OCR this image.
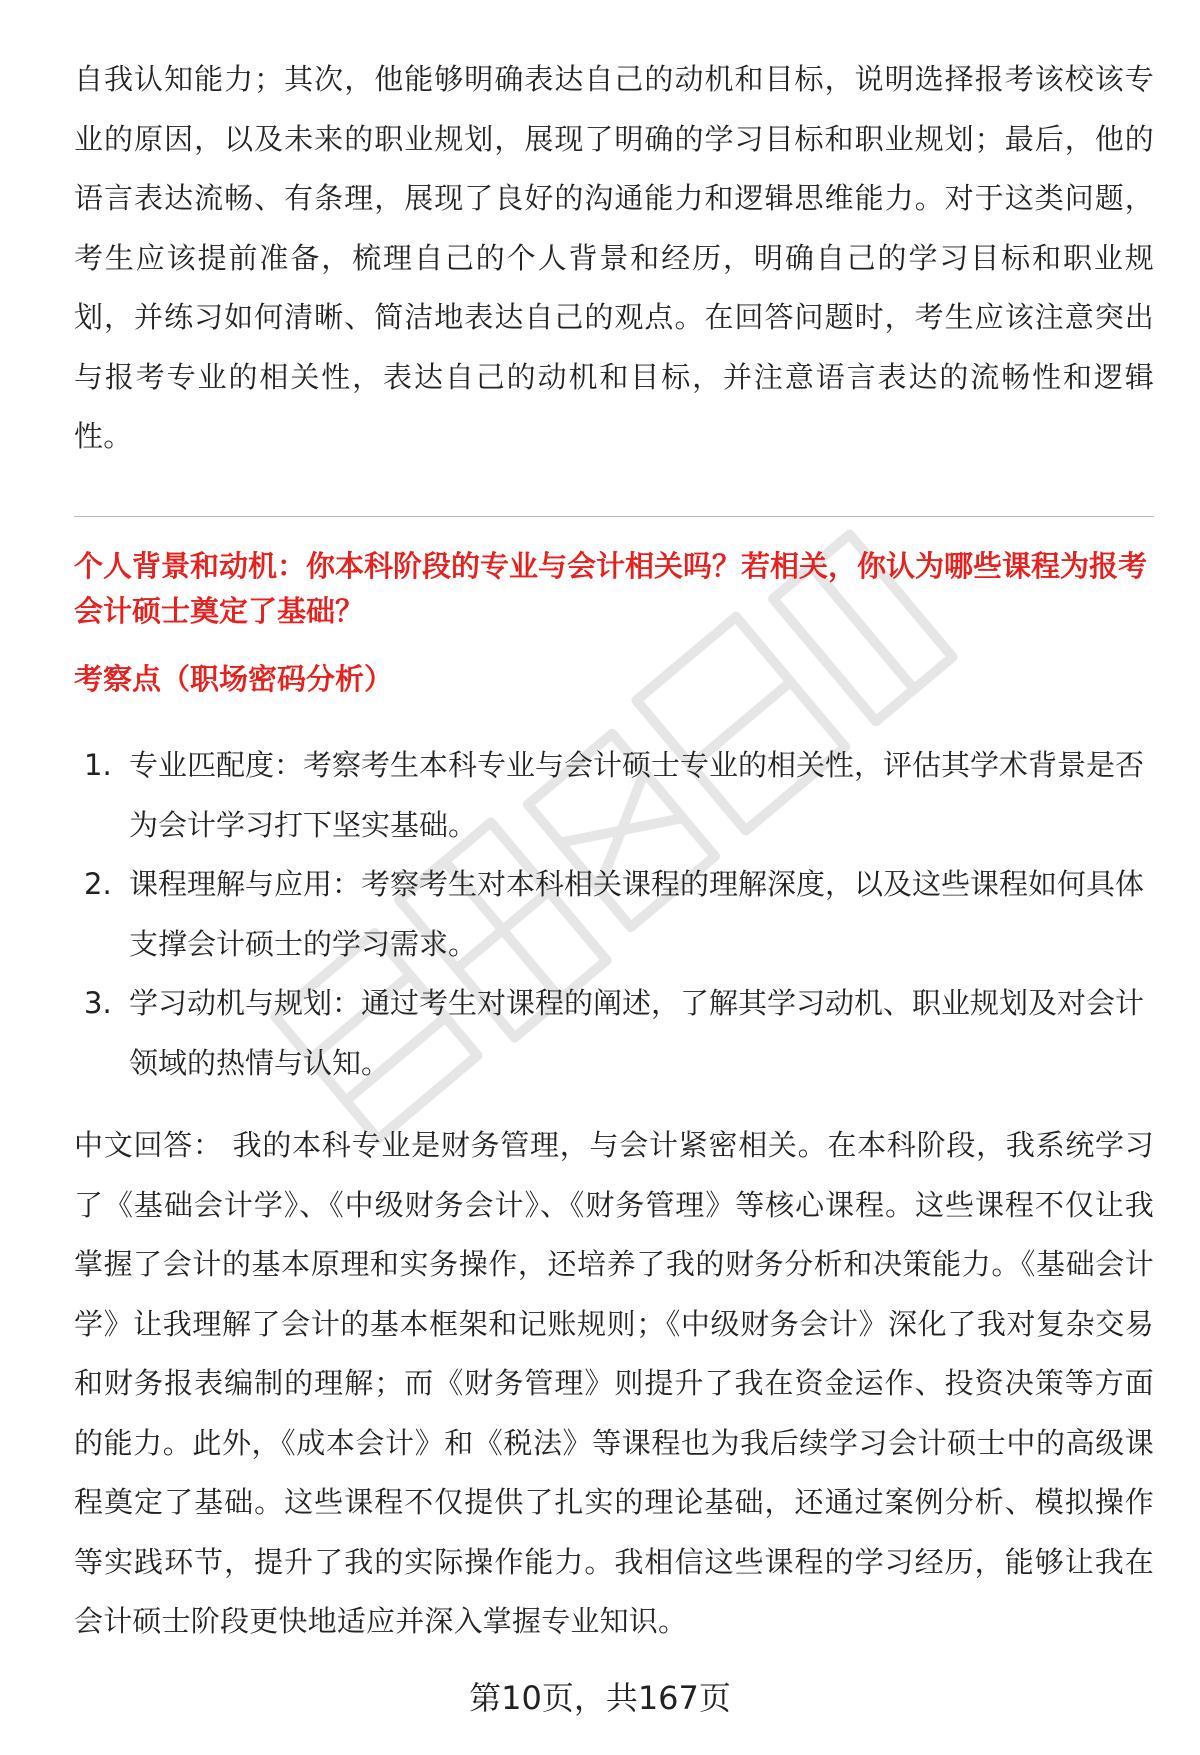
自我认知能力；其次，他能够明确表达自己的动机和目标，说明选择报考该校该专业的原因，以及未来的职业规划，展现了明确的学习目标和职业规划；最后，他的语言表达流畅、有条理，展现了良好的沟通能力和逻辑思维能力。对于这类问题，考生应该提前准备，梳理自己的个人背景和经历，明确自己的学习目标和职业规划，并练习如何清晰、简洁地表达自己的观点。在回答问题时，考生应该注意突出与报考专业的相关性，表达自己的动机和目标，并注意语言表达的流畅性和逻辑性。

个人背景和动机：你本科阶段的专业与会计相关吗？若相关，你认为哪些课程为报考会计硕士奠定了基础？

考察点（职场密码分析）

1. 专业匹配度：考察考生本科专业与会计硕士专业的相关性，评估其学术背景是否为会计学习打下坚实基础。
2. 课程理解与应用：考察考生对本科相关课程的理解深度，以及这些课程如何具体支撑会计硕士的学习需求。
3. 学习动机与规划：通过考生对课程的阐述，了解其学习动机、职业规划及对会计领域的热情与认知。

中文回答： 我的本科专业是财务管理，与会计紧密相关。在本科阶段，我系统学习了《基础会计学》、《中级财务会计》、《财务管理》等核心课程。这些课程不仅让我掌握了会计的基本原理和实务操作，还培养了我的财务分析和决策能力。《基础会计学》让我理解了会计的基本框架和记账规则；《中级财务会计》深化了我对复杂交易和财务报表编制的理解；而《财务管理》则提升了我在资金运作、投资决策等方面的能力。此外，《成本会计》和《税法》等课程也为我后续学习会计硕士中的高级课程奠定了基础。这些课程不仅提供了扎实的理论基础，还通过案例分析、模拟操作等实践环节，提升了我的实际操作能力。我相信这些课程的学习经历，能够让我在会计硕士阶段更快地适应并深入掌握专业知识。

第10页，共167页
